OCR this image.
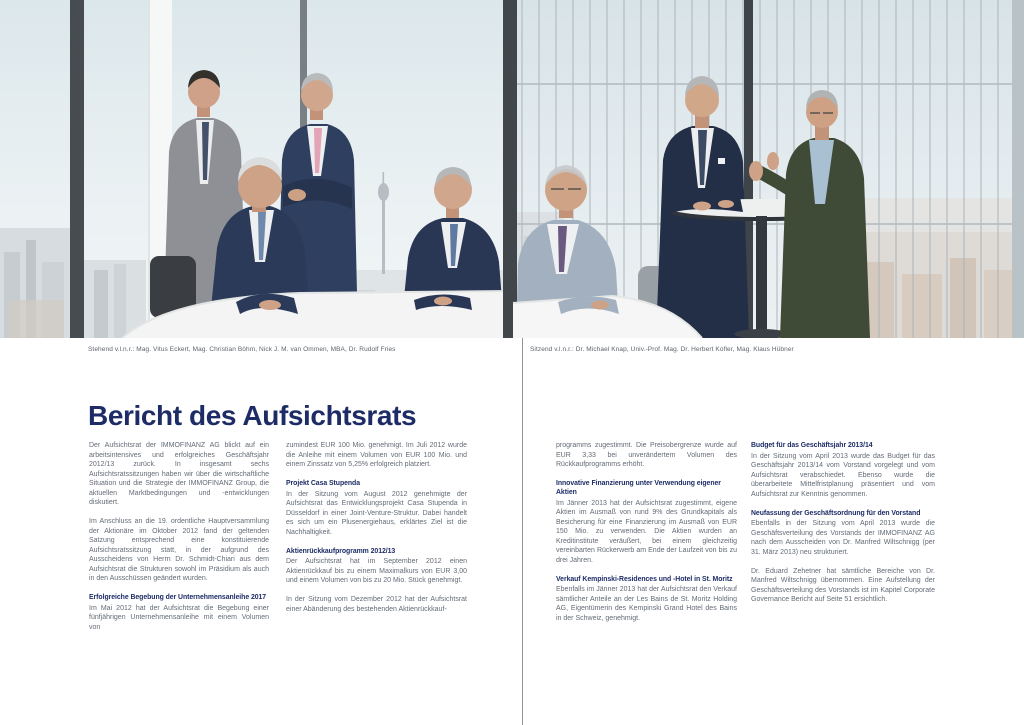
Stehend v.l.n.r.: Mag. Vitus Eckert, Mag. Christian Böhm, Nick J. M. van Ommen, MBA, Dr. Rudolf Fries	Sitzend v.l.n.r.: Dr. Michael Knap, Univ.-Prof. Mag. Dr. Herbert Kofler, Mag. Klaus Hübner
Bericht des Aufsichtsrats

Der Aufsichtsrat der IMMOFINANZ AG blickt auf ein arbeitsintensives und erfolgreiches Geschäftsjahr 2012/13 zurück. In insgesamt sechs Aufsichtsratssitzungen haben wir über die wirtschaftliche Situation und die Strategie der IMMOFINANZ Group, die aktuellen Marktbedingungen und -entwicklungen diskutiert.

Im Anschluss an die 19. ordentliche Hauptversammlung der Aktionäre im Oktober 2012 fand der geltenden Satzung entsprechend eine konstituierende Aufsichtsratssitzung statt, in der aufgrund des Ausscheidens von Herrn Dr. Schmidt-Chiari aus dem Aufsichtsrat die Strukturen sowohl im Präsidium als auch in den Ausschüssen geändert wurden.

Erfolgreiche Begebung der Unternehmensanleihe 2017

Im Mai 2012 hat der Aufsichtsrat die Begebung einer fünfjährigen Unternehmensanleihe mit einem Volumen von

zumindest EUR 100 Mio. genehmigt. Im Juli 2012 wurde die Anleihe mit einem Volumen von EUR 100 Mio. und einem Zinssatz von 5,25% erfolgreich platziert.

Projekt Casa Stupenda

In der Sitzung vom August 2012 genehmigte der Aufsichtsrat das Entwicklungsprojekt Casa Stupenda in Düsseldorf in einer Joint-Venture-Struktur. Dabei handelt es sich um ein Plusenergiehaus, erklärtes Ziel ist die Nachhaltigkeit.

Aktienrückkaufprogramm 2012/13

Der Aufsichtsrat hat im September 2012 einen Aktienrückkauf bis zu einem Maximalkurs von EUR 3,00 und einem Volumen von bis zu 20 Mio. Stück genehmigt.

In der Sitzung vom Dezember 2012 hat der Aufsichtsrat einer Abänderung des bestehenden Aktienrückkauf-

programms zugestimmt. Die Preisobergrenze wurde auf EUR 3,33 bei unverändertem Volumen des Rückkaufprogramms erhöht.

Innovative Finanzierung unter Verwendung eigener Aktien

Im Jänner 2013 hat der Aufsichtsrat zugestimmt, eigene Aktien im Ausmaß von rund 9% des Grundkapitals als Besicherung für eine Finanzierung im Ausmaß von EUR 150 Mio. zu verwenden. Die Aktien wurden an Kreditinstitute veräußert, bei einem gleichzeitig vereinbarten Rückerwerb am Ende der Laufzeit von bis zu drei Jahren.

Verkauf Kempinski-Residences und -Hotel in St. Moritz

Ebenfalls im Jänner 2013 hat der Aufsichtsrat den Verkauf sämtlicher Anteile an der Les Bains de St. Moritz Holding AG, Eigentümerin des Kempinski Grand Hotel des Bains in der Schweiz, genehmigt.

Budget für das Geschäftsjahr 2013/14

In der Sitzung vom April 2013 wurde das Budget für das Geschäftsjahr 2013/14 vom Vorstand vorgelegt und vom Aufsichtsrat verabschiedet. Ebenso wurde die überarbeitete Mittelfristplanung präsentiert und vom Aufsichtsrat zur Kenntnis genommen.

Neufassung der Geschäftsordnung für den Vorstand

Ebenfalls in der Sitzung vom April 2013 wurde die Geschäftsverteilung des Vorstands der IMMOFINANZ AG nach dem Ausscheiden von Dr. Manfred Wiltschnigg (per 31. März 2013) neu strukturiert.

Dr. Eduard Zehetner hat sämtliche Bereiche von Dr. Manfred Wiltschnigg übernommen. Eine Aufstellung der Geschäftsverteilung des Vorstands ist im Kapitel Corporate Governance Bericht auf Seite 51 ersichtlich.
